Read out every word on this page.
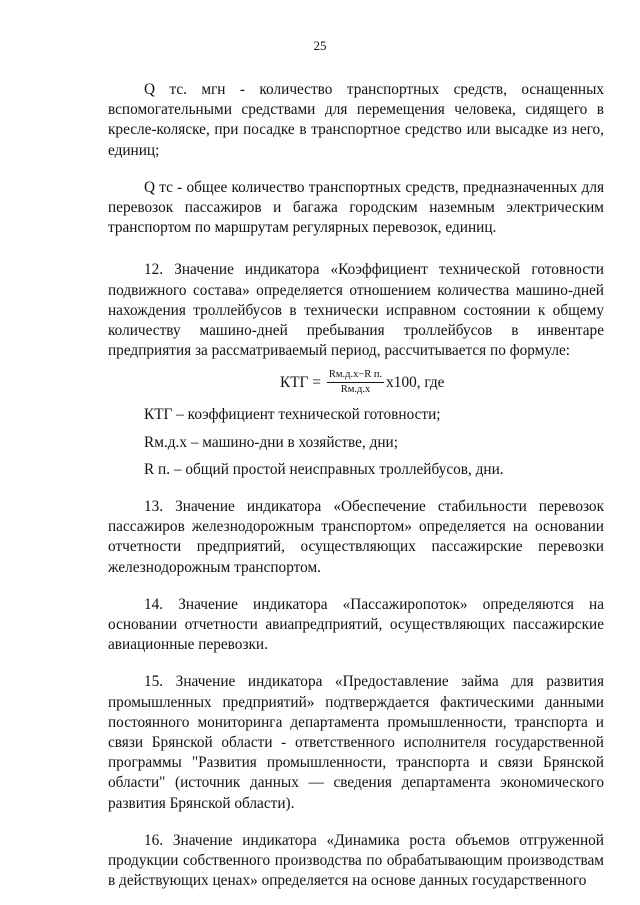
25

Q тс. мгн - количество транспортных средств, оснащенных вспомогательными средствами для перемещения человека, сидящего в кресле-коляске, при посадке в транспортное средство или высадке из него, единиц;

Q тс - общее количество транспортных средств, предназначенных для перевозок пассажиров и багажа городским наземным электрическим транспортом по маршрутам регулярных перевозок, единиц.

12. Значение индикатора «Коэффициент технической готовности подвижного состава» определяется отношением количества машино-дней нахождения троллейбусов в технически исправном состоянии к общему количеству машино-дней пребывания троллейбусов в инвентаре предприятия за рассматриваемый период, рассчитывается по формуле:

КТГ = $\frac{\text{Rм.д.х−R п.}}{Rм.д.х} x100$, где

КТГ – коэффициент технической готовности;

Rм.д.х – машино-дни в хозяйстве, дни;

R п. – общий простой неисправных троллейбусов, дни.

13. Значение индикатора «Обеспечение стабильности перевозок пассажиров железнодорожным транспортом» определяется на основании отчетности предприятий, осуществляющих пассажирские перевозки железнодорожным транспортом.

14. Значение индикатора «Пассажиропоток» определяются на основании отчетности авиапредприятий, осуществляющих пассажирские авиационные перевозки.

15. Значение индикатора «Предоставление займа для развития промышленных предприятий» подтверждается фактическими данными постоянного мониторинга департамента промышленности, транспорта и связи Брянской области - ответственного исполнителя государственной программы "Развития промышленности, транспорта и связи Брянской области" (источник данных — сведения департамента экономического развития Брянской области).

16. Значение индикатора «Динамика роста объемов отгруженной продукции собственного производства по обрабатывающим производствам в действующих ценах» определяется на основе данных государственного
